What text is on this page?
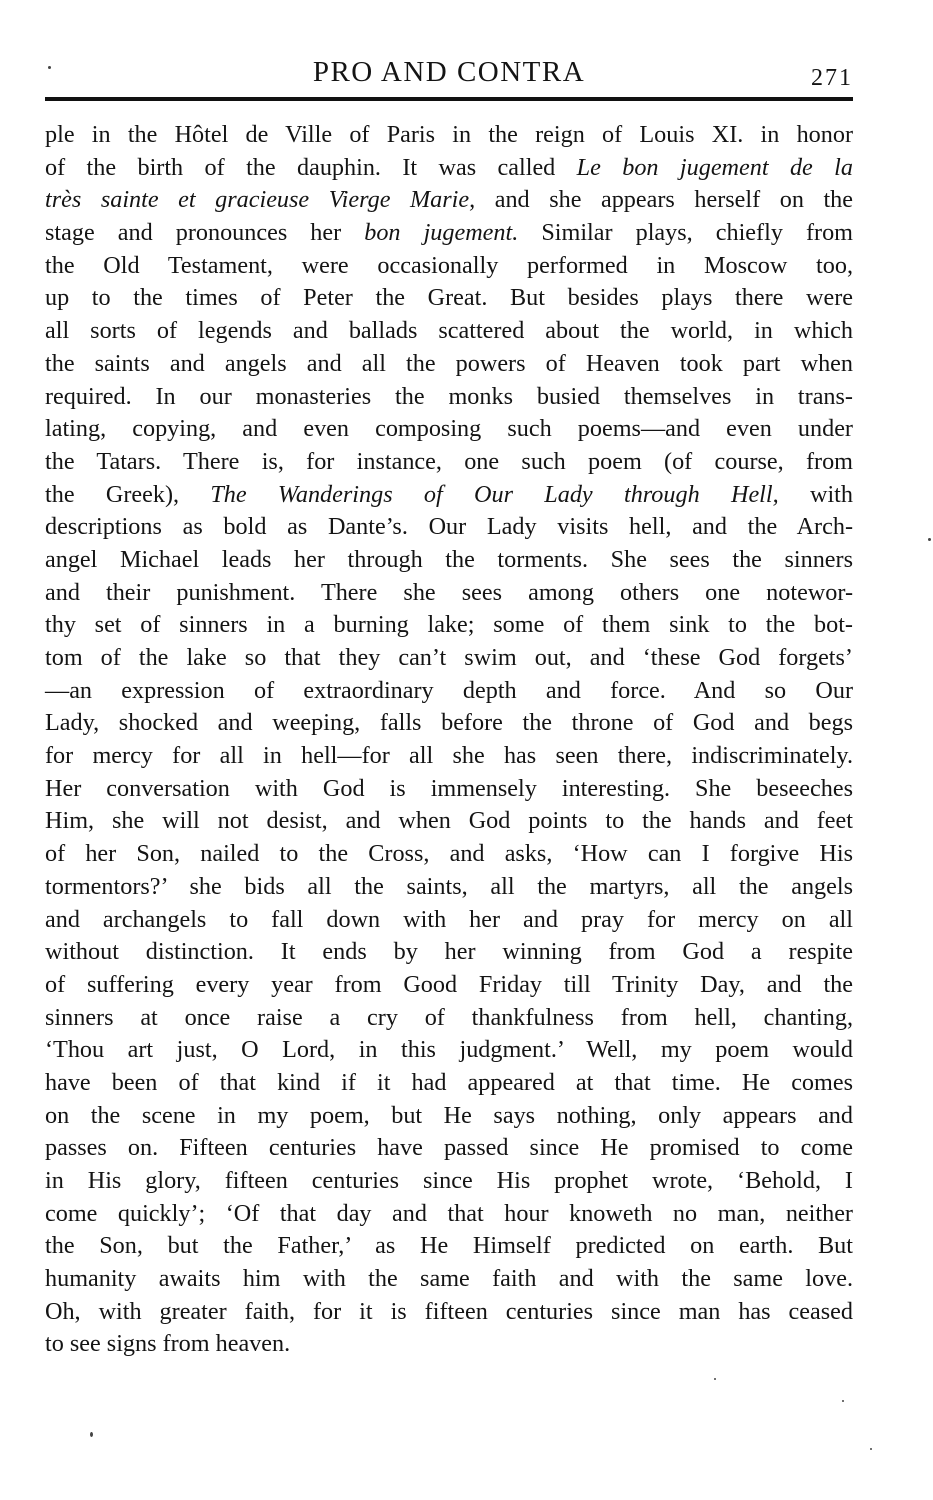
PRO AND CONTRA	271
ple in the Hôtel de Ville of Paris in the reign of Louis XI. in honor
of the birth of the dauphin. It was called Le bon jugement de la
très sainte et gracieuse Vierge Marie, and she appears herself on the
stage and pronounces her bon jugement. Similar plays, chiefly from
the Old Testament, were occasionally performed in Moscow too,
up to the times of Peter the Great. But besides plays there were
all sorts of legends and ballads scattered about the world, in which
the saints and angels and all the powers of Heaven took part when
required. In our monasteries the monks busied themselves in trans-
lating, copying, and even composing such poems—and even under
the Tatars. There is, for instance, one such poem (of course, from
the Greek), The Wanderings of Our Lady through Hell, with
descriptions as bold as Dante’s. Our Lady visits hell, and the Arch-
angel Michael leads her through the torments. She sees the sinners
and their punishment. There she sees among others one notewor-
thy set of sinners in a burning lake; some of them sink to the bot-
tom of the lake so that they can’t swim out, and ‘these God forgets’
—an expression of extraordinary depth and force. And so Our
Lady, shocked and weeping, falls before the throne of God and begs
for mercy for all in hell—for all she has seen there, indiscriminately.
Her conversation with God is immensely interesting. She beseeches
Him, she will not desist, and when God points to the hands and feet
of her Son, nailed to the Cross, and asks, ‘How can I forgive His
tormentors?’ she bids all the saints, all the martyrs, all the angels
and archangels to fall down with her and pray for mercy on all
without distinction. It ends by her winning from God a respite
of suffering every year from Good Friday till Trinity Day, and the
sinners at once raise a cry of thankfulness from hell, chanting,
‘Thou art just, O Lord, in this judgment.’ Well, my poem would
have been of that kind if it had appeared at that time. He comes
on the scene in my poem, but He says nothing, only appears and
passes on. Fifteen centuries have passed since He promised to come
in His glory, fifteen centuries since His prophet wrote, ‘Behold, I
come quickly’; ‘Of that day and that hour knoweth no man, neither
the Son, but the Father,’ as He Himself predicted on earth. But
humanity awaits him with the same faith and with the same love.
Oh, with greater faith, for it is fifteen centuries since man has ceased
to see signs from heaven.
